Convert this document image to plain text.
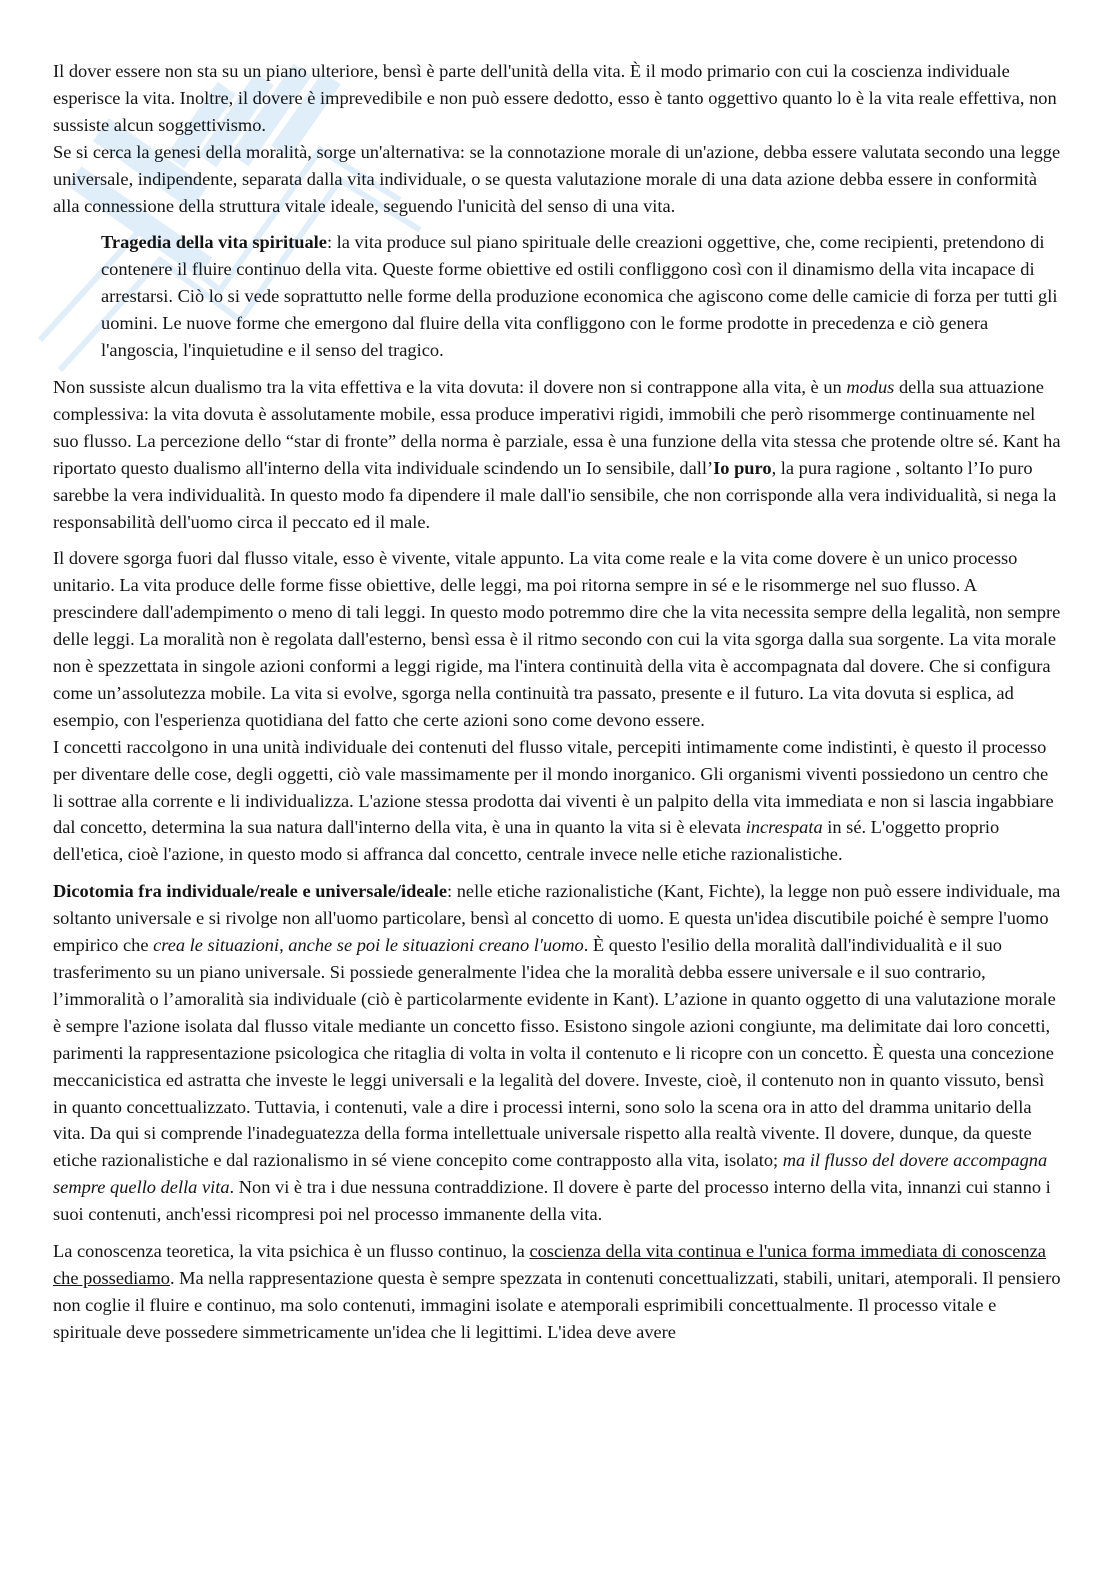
Il dover essere non sta su un piano ulteriore, bensì è parte dell'unità della vita. È il modo primario con cui la coscienza individuale esperisce la vita. Inoltre, il dovere è imprevedibile e non può essere dedotto, esso è tanto oggettivo quanto lo è la vita reale effettiva, non sussiste alcun soggettivismo.

Se si cerca la genesi della moralità, sorge un'alternativa: se la connotazione morale di un'azione, debba essere valutata secondo una legge universale, indipendente, separata dalla vita individuale, o se questa valutazione morale di una data azione debba essere in conformità alla connessione della struttura vitale ideale, seguendo l'unicità del senso di una vita.

Tragedia della vita spirituale: la vita produce sul piano spirituale delle creazioni oggettive, che, come recipienti, pretendono di contenere il fluire continuo della vita. Queste forme obiettive ed ostili confliggono così con il dinamismo della vita incapace di arrestarsi. Ciò lo si vede soprattutto nelle forme della produzione economica che agiscono come delle camicie di forza per tutti gli uomini. Le nuove forme che emergono dal fluire della vita confliggono con le forme prodotte in precedenza e ciò genera l'angoscia, l'inquietudine e il senso del tragico.

Non sussiste alcun dualismo tra la vita effettiva e la vita dovuta: il dovere non si contrappone alla vita, è un modus della sua attuazione complessiva: la vita dovuta è assolutamente mobile, essa produce imperativi rigidi, immobili che però risommerge continuamente nel suo flusso. La percezione dello “star di fronte” della norma è parziale, essa è una funzione della vita stessa che protende oltre sé. Kant ha riportato questo dualismo all'interno della vita individuale scindendo un Io sensibile, dall’Io puro, la pura ragione , soltanto l’Io puro sarebbe la vera individualità. In questo modo fa dipendere il male dall'io sensibile, che non corrisponde alla vera individualità, si nega la responsabilità dell'uomo circa il peccato ed il male.

Il dovere sgorga fuori dal flusso vitale, esso è vivente, vitale appunto. La vita come reale e la vita come dovere è un unico processo unitario. La vita produce delle forme fisse obiettive, delle leggi, ma poi ritorna sempre in sé e le risommerge nel suo flusso. A prescindere dall'adempimento o meno di tali leggi. In questo modo potremmo dire che la vita necessita sempre della legalità, non sempre delle leggi. La moralità non è regolata dall'esterno, bensì essa è il ritmo secondo con cui la vita sgorga dalla sua sorgente. La vita morale non è spezzettata in singole azioni conformi a leggi rigide, ma l'intera continuità della vita è accompagnata dal dovere. Che si configura come un’assolutezza mobile. La vita si evolve, sgorga nella continuità tra passato, presente e il futuro. La vita dovuta si esplica, ad esempio, con l'esperienza quotidiana del fatto che certe azioni sono come devono essere.

I concetti raccolgono in una unità individuale dei contenuti del flusso vitale, percepiti intimamente come indistinti, è questo il processo per diventare delle cose, degli oggetti, ciò vale massimamente per il mondo inorganico. Gli organismi viventi possiedono un centro che li sottrae alla corrente e li individualizza. L'azione stessa prodotta dai viventi è un palpito della vita immediata e non si lascia ingabbiare dal concetto, determina la sua natura dall'interno della vita, è una in quanto la vita si è elevata increspata in sé. L'oggetto proprio dell'etica, cioè l'azione, in questo modo si affranca dal concetto, centrale invece nelle etiche razionalistiche.

Dicotomia fra individuale/reale e universale/ideale: nelle etiche razionalistiche (Kant, Fichte), la legge non può essere individuale, ma soltanto universale e si rivolge non all'uomo particolare, bensì al concetto di uomo. E questa un'idea discutibile poiché è sempre l'uomo empirico che crea le situazioni, anche se poi le situazioni creano l'uomo. È questo l'esilio della moralità dall'individualità e il suo trasferimento su un piano universale. Si possiede generalmente l'idea che la moralità debba essere universale e il suo contrario, l’immoralità o l’amoralità sia individuale (ciò è particolarmente evidente in Kant). L’azione in quanto oggetto di una valutazione morale è sempre l'azione isolata dal flusso vitale mediante un concetto fisso. Esistono singole azioni congiunte, ma delimitate dai loro concetti, parimenti la rappresentazione psicologica che ritaglia di volta in volta il contenuto e li ricopre con un concetto. È questa una concezione meccanicistica ed astratta che investe le leggi universali e la legalità del dovere. Investe, cioè, il contenuto non in quanto vissuto, bensì in quanto concettualizzato. Tuttavia, i contenuti, vale a dire i processi interni, sono solo la scena ora in atto del dramma unitario della vita. Da qui si comprende l'inadeguatezza della forma intellettuale universale rispetto alla realtà vivente. Il dovere, dunque, da queste etiche razionalistiche e dal razionalismo in sé viene concepito come contrapposto alla vita, isolato; ma il flusso del dovere accompagna sempre quello della vita. Non vi è tra i due nessuna contraddizione. Il dovere è parte del processo interno della vita, innanzi cui stanno i suoi contenuti, anch'essi ricompresi poi nel processo immanente della vita.

La conoscenza teoretica, la vita psichica è un flusso continuo, la coscienza della vita continua e l'unica forma immediata di conoscenza che possediamo. Ma nella rappresentazione questa è sempre spezzata in contenuti concettualizzati, stabili, unitari, atemporali. Il pensiero non coglie il fluire e continuo, ma solo contenuti, immagini isolate e atemporali esprimibili concettualmente. Il processo vitale e spirituale deve possedere simmetricamente un'idea che li legittimi. L'idea deve avere
